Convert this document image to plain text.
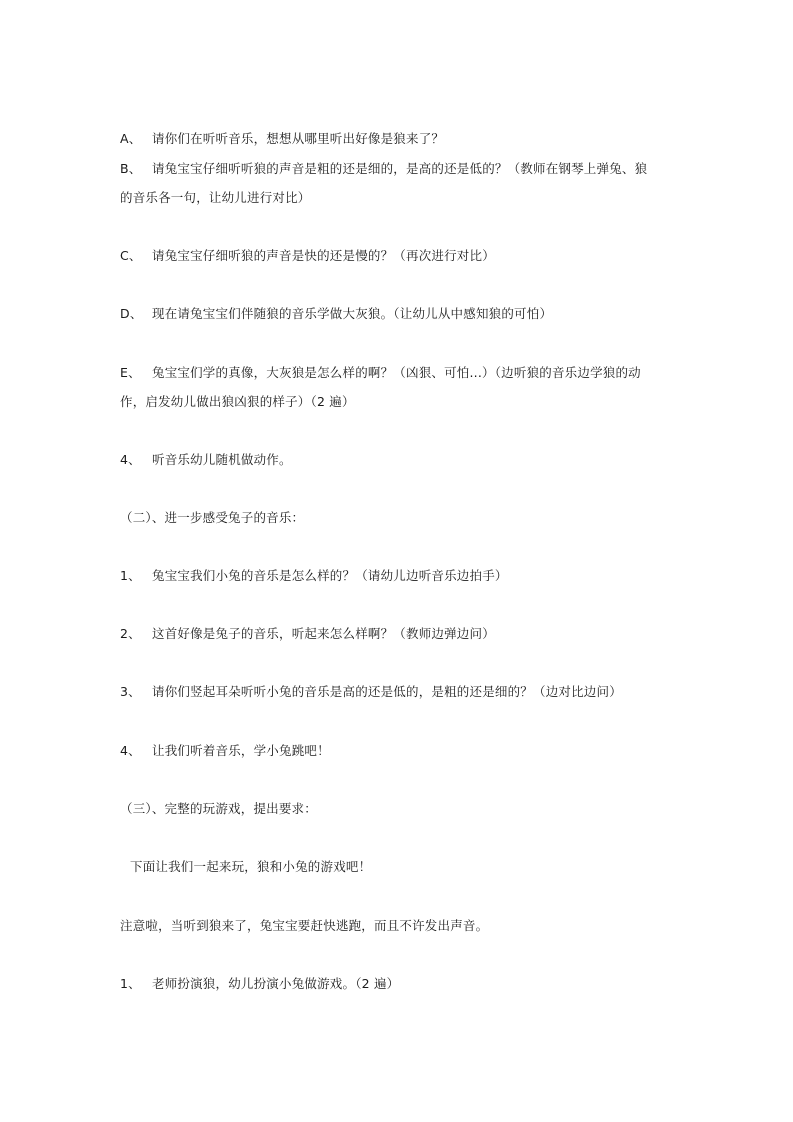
A、 请你们在听听音乐，想想从哪里听出好像是狼来了？
B、 请兔宝宝仔细听听狼的声音是粗的还是细的，是高的还是低的？（教师在钢琴上弹兔、狼
的音乐各一句，让幼儿进行对比）
C、 请兔宝宝仔细听狼的声音是快的还是慢的？（再次进行对比）
D、 现在请兔宝宝们伴随狼的音乐学做大灰狼。（让幼儿从中感知狼的可怕）
E、 兔宝宝们学的真像，大灰狼是怎么样的啊？（凶狠、可怕...）（边听狼的音乐边学狼的动
作，启发幼儿做出狼凶狠的样子）（2 遍）
4、 听音乐幼儿随机做动作。
（二）、进一步感受兔子的音乐：
1、 兔宝宝我们小兔的音乐是怎么样的？（请幼儿边听音乐边拍手）
2、 这首好像是兔子的音乐，听起来怎么样啊？（教师边弹边问）
3、 请你们竖起耳朵听听小兔的音乐是高的还是低的，是粗的还是细的？（边对比边问）
4、 让我们听着音乐，学小兔跳吧！
（三）、完整的玩游戏，提出要求：
下面让我们一起来玩，狼和小兔的游戏吧！
注意啦，当听到狼来了，兔宝宝要赶快逃跑，而且不许发出声音。
1、 老师扮演狼，幼儿扮演小兔做游戏。（2 遍）
